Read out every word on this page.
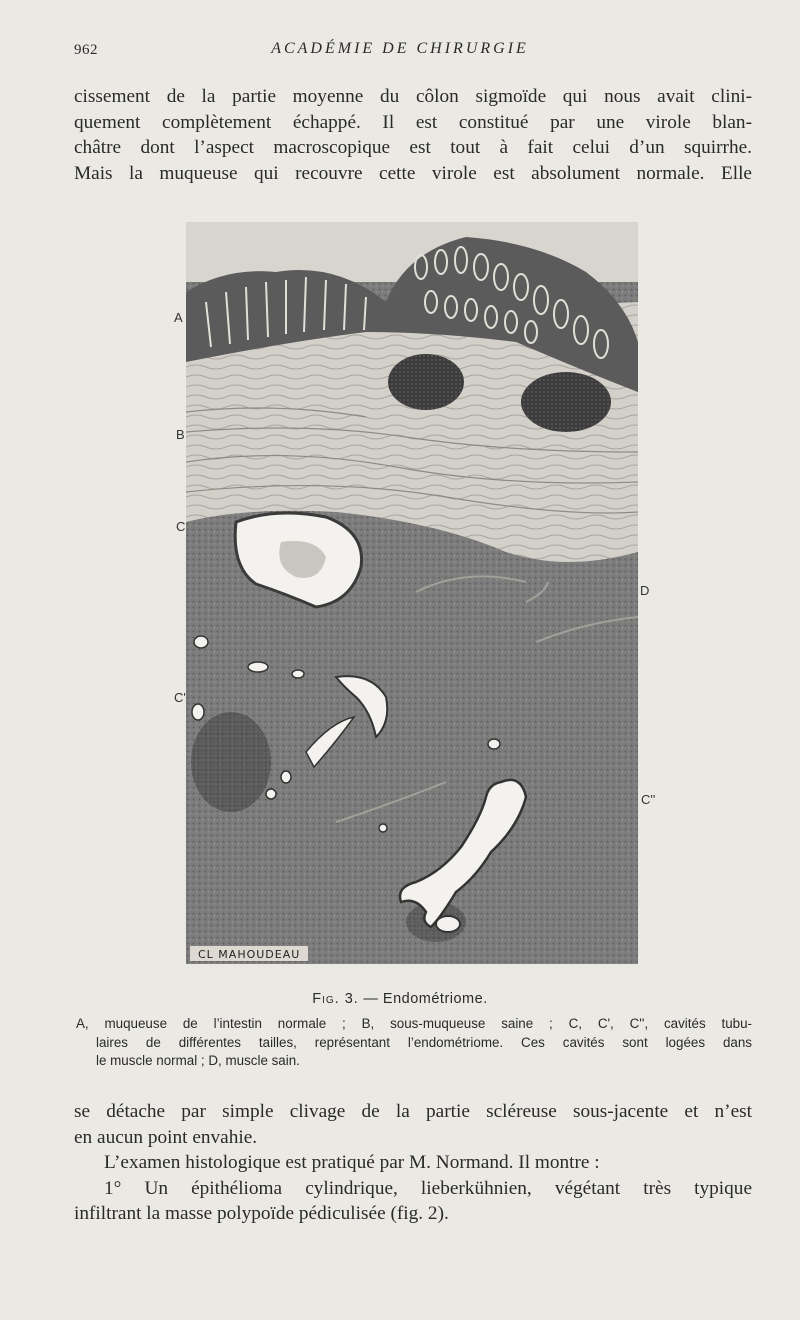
962	ACADÉMIE DE CHIRURGIE
cissement de la partie moyenne du côlon sigmoïde qui nous avait clini-
quement complètement échappé. Il est constitué par une virole blan-
châtre dont l’aspect macroscopique est tout à fait celui d’un squirrhe.
Mais la muqueuse qui recouvre cette virole est absolument normale. Elle
A
B
C
C'
D
C''
CL MAHOUDEAU
Fig. 3. — Endométriome.
A, muqueuse de l’intestin normale ; B, sous-muqueuse saine ; C, C', C'', cavités tubu-
laires de différentes tailles, représentant l’endométriome. Ces cavités sont logées dans
le muscle normal ; D, muscle sain.
se détache par simple clivage de la partie scléreuse sous-jacente et n’est
en aucun point envahie.
L’examen histologique est pratiqué par M. Normand. Il montre :
1° Un épithélioma cylindrique, lieberkühnien, végétant très typique
infiltrant la masse polypoïde pédiculisée (fig. 2).
